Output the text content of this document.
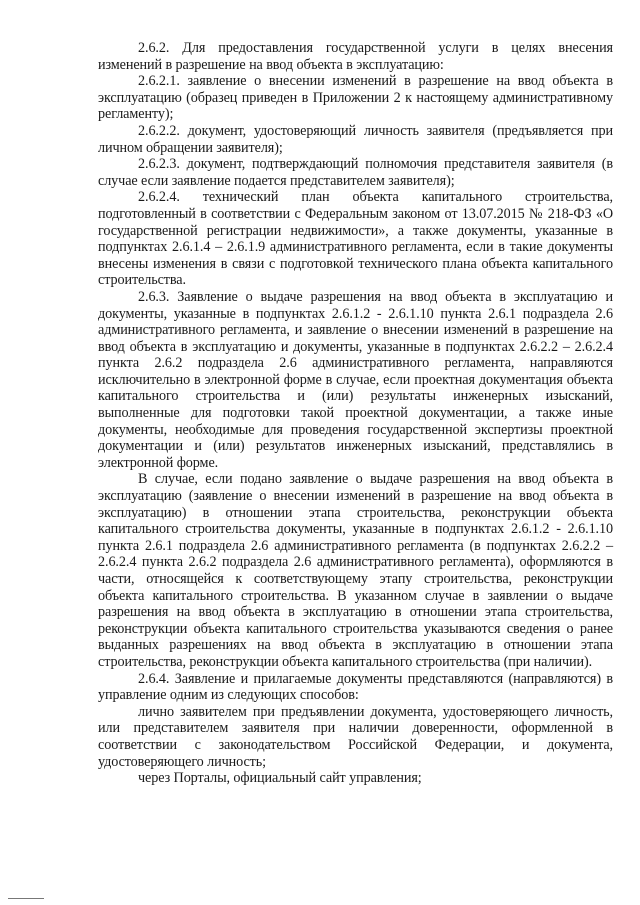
2.6.2. Для предоставления государственной услуги в целях внесения изменений в разрешение на ввод объекта в эксплуатацию:

2.6.2.1. заявление о внесении изменений в разрешение на ввод объекта в эксплуатацию (образец приведен в Приложении 2 к настоящему административному регламенту);

2.6.2.2. документ, удостоверяющий личность заявителя (предъявляется при личном обращении заявителя);

2.6.2.3. документ, подтверждающий полномочия представителя заявителя (в случае если заявление подается представителем заявителя);

2.6.2.4. технический план объекта капитального строительства, подготовленный в соответствии с Федеральным законом от 13.07.2015 № 218-ФЗ «О государственной регистрации недвижимости», а также документы, указанные в подпунктах 2.6.1.4 – 2.6.1.9 административного регламента, если в такие документы внесены изменения в связи с подготовкой технического плана объекта капитального строительства.

2.6.3. Заявление о выдаче разрешения на ввод объекта в эксплуатацию и документы, указанные в подпунктах 2.6.1.2 - 2.6.1.10 пункта 2.6.1 подраздела 2.6 административного регламента, и заявление о внесении изменений в разрешение на ввод объекта в эксплуатацию и документы, указанные в подпунктах 2.6.2.2 – 2.6.2.4 пункта 2.6.2 подраздела 2.6 административного регламента, направляются исключительно в электронной форме в случае, если проектная документация объекта капитального строительства и (или) результаты инженерных изысканий, выполненные для подготовки такой проектной документации, а также иные документы, необходимые для проведения государственной экспертизы проектной документации и (или) результатов инженерных изысканий, представлялись в электронной форме.

В случае, если подано заявление о выдаче разрешения на ввод объекта в эксплуатацию (заявление о внесении изменений в разрешение на ввод объекта в эксплуатацию) в отношении этапа строительства, реконструкции объекта капитального строительства документы, указанные в подпунктах 2.6.1.2 - 2.6.1.10 пункта 2.6.1 подраздела 2.6 административного регламента (в подпунктах 2.6.2.2 – 2.6.2.4 пункта 2.6.2 подраздела 2.6 административного регламента), оформляются в части, относящейся к соответствующему этапу строительства, реконструкции объекта капитального строительства. В указанном случае в заявлении о выдаче разрешения на ввод объекта в эксплуатацию в отношении этапа строительства, реконструкции объекта капитального строительства указываются сведения о ранее выданных разрешениях на ввод объекта в эксплуатацию в отношении этапа строительства, реконструкции объекта капитального строительства (при наличии).

2.6.4. Заявление и прилагаемые документы представляются (направляются) в управление одним из следующих способов:

лично заявителем при предъявлении документа, удостоверяющего личность, или представителем заявителя при наличии доверенности, оформленной в соответствии с законодательством Российской Федерации, и документа, удостоверяющего личность;

через Порталы, официальный сайт управления;
